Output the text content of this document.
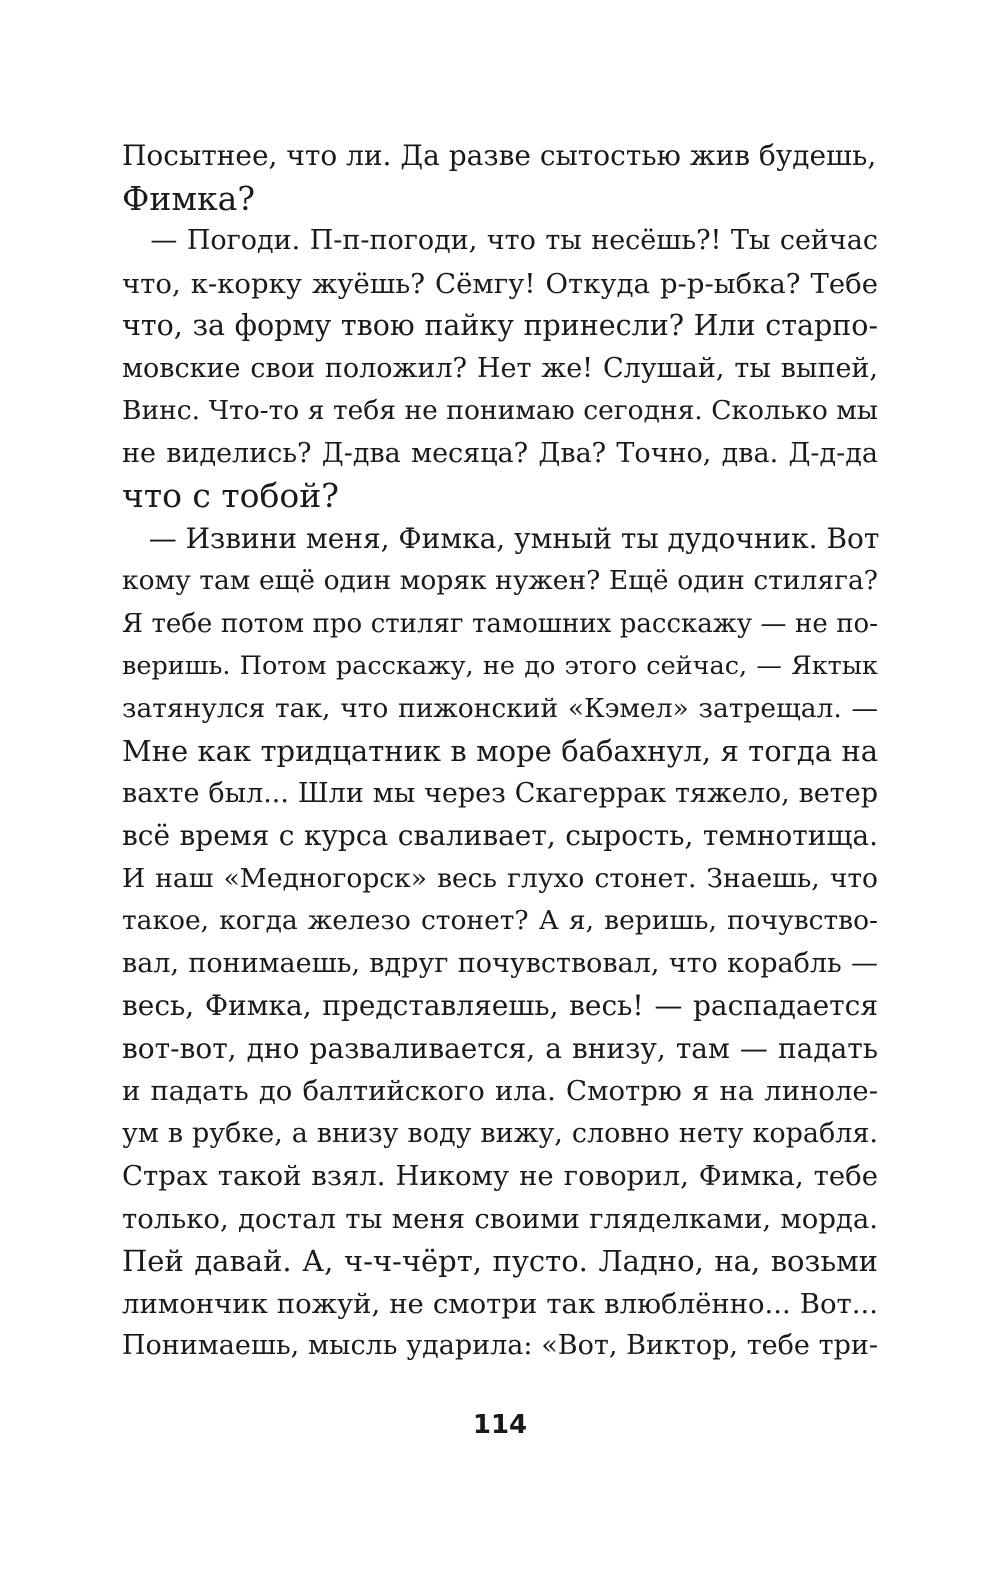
Посытнее, что ли. Да разве сытостью жив будешь,
Фимка?
— Погоди. П-п-погоди, что ты несёшь?! Ты сейчас
что, к-корку жуёшь? Сёмгу! Откуда р-р-ыбка? Тебе
что, за форму твою пайку принесли? Или старпо-
мовские свои положил? Нет же! Слушай, ты выпей,
Винс. Что-то я тебя не понимаю сегодня. Сколько мы
не виделись? Д-два месяца? Два? Точно, два. Д-д-да
что с тобой?
— Извини меня, Фимка, умный ты дудочник. Вот
кому там ещё один моряк нужен? Ещё один стиляга?
Я тебе потом про стиляг тамошних расскажу — не по-
веришь. Потом расскажу, не до этого сейчас, — Яктык
затянулся так, что пижонский «Кэмел» затрещал. —
Мне как тридцатник в море бабахнул, я тогда на
вахте был... Шли мы через Скагеррак тяжело, ветер
всё время с курса сваливает, сырость, темнотища.
И наш «Медногорск» весь глухо стонет. Знаешь, что
такое, когда железо стонет? А я, веришь, почувство-
вал, понимаешь, вдруг почувствовал, что корабль —
весь, Фимка, представляешь, весь! — распадается
вот-вот, дно разваливается, а внизу, там — падать
и падать до балтийского ила. Смотрю я на линоле-
ум в рубке, а внизу воду вижу, словно нету корабля.
Страх такой взял. Никому не говорил, Фимка, тебе
только, достал ты меня своими гляделками, морда.
Пей давай. А, ч-ч-чёрт, пусто. Ладно, на, возьми
лимончик пожуй, не смотри так влюблённо... Вот...
Понимаешь, мысль ударила: «Вот, Виктор, тебе три-
114
